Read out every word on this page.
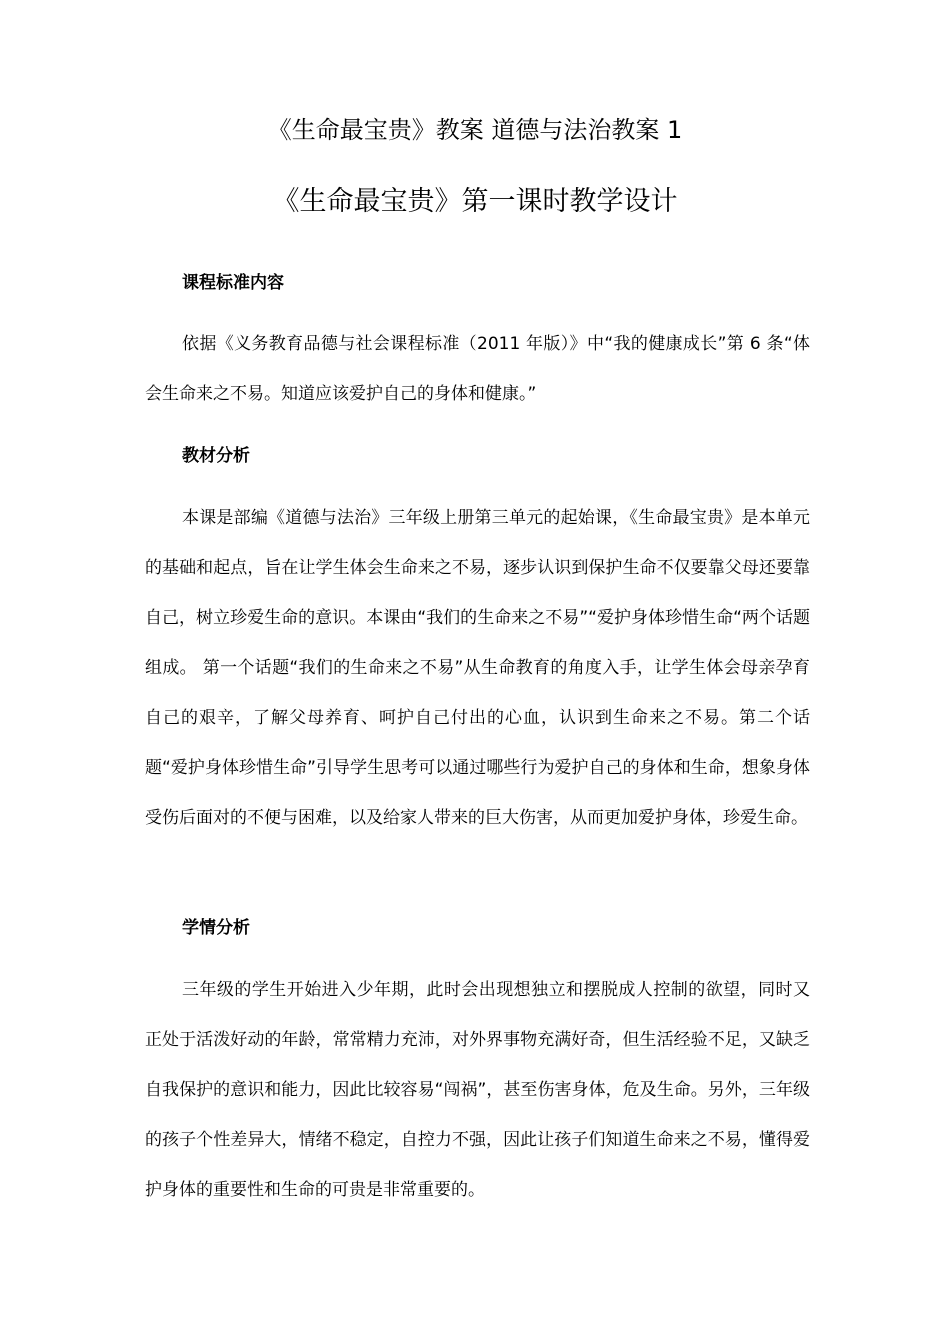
《生命最宝贵》教案 道德与法治教案 1
《生命最宝贵》第一课时教学设计
课程标准内容

依据《义务教育品德与社会课程标准（2011 年版）》中“我的健康成长”第 6 条“体会生命来之不易。知道应该爱护自己的身体和健康。”

教材分析

本课是部编《道德与法治》三年级上册第三单元的起始课，《生命最宝贵》是本单元的基础和起点，旨在让学生体会生命来之不易，逐步认识到保护生命不仅要靠父母还要靠自己，树立珍爱生命的意识。本课由“我们的生命来之不易”“爱护身体珍惜生命“两个话题组成。 第一个话题“我们的生命来之不易”从生命教育的角度入手，让学生体会母亲孕育自己的艰辛，了解父母养育、呵护自己付出的心血，认识到生命来之不易。第二个话题“爱护身体珍惜生命”引导学生思考可以通过哪些行为爱护自己的身体和生命，想象身体受伤后面对的不便与困难，以及给家人带来的巨大伤害，从而更加爱护身体，珍爱生命。

学情分析

三年级的学生开始进入少年期，此时会出现想独立和摆脱成人控制的欲望，同时又正处于活泼好动的年龄，常常精力充沛，对外界事物充满好奇，但生活经验不足，又缺乏自我保护的意识和能力，因此比较容易“闯祸”，甚至伤害身体，危及生命。另外，三年级的孩子个性差异大，情绪不稳定，自控力不强，因此让孩子们知道生命来之不易，懂得爱护身体的重要性和生命的可贵是非常重要的。
